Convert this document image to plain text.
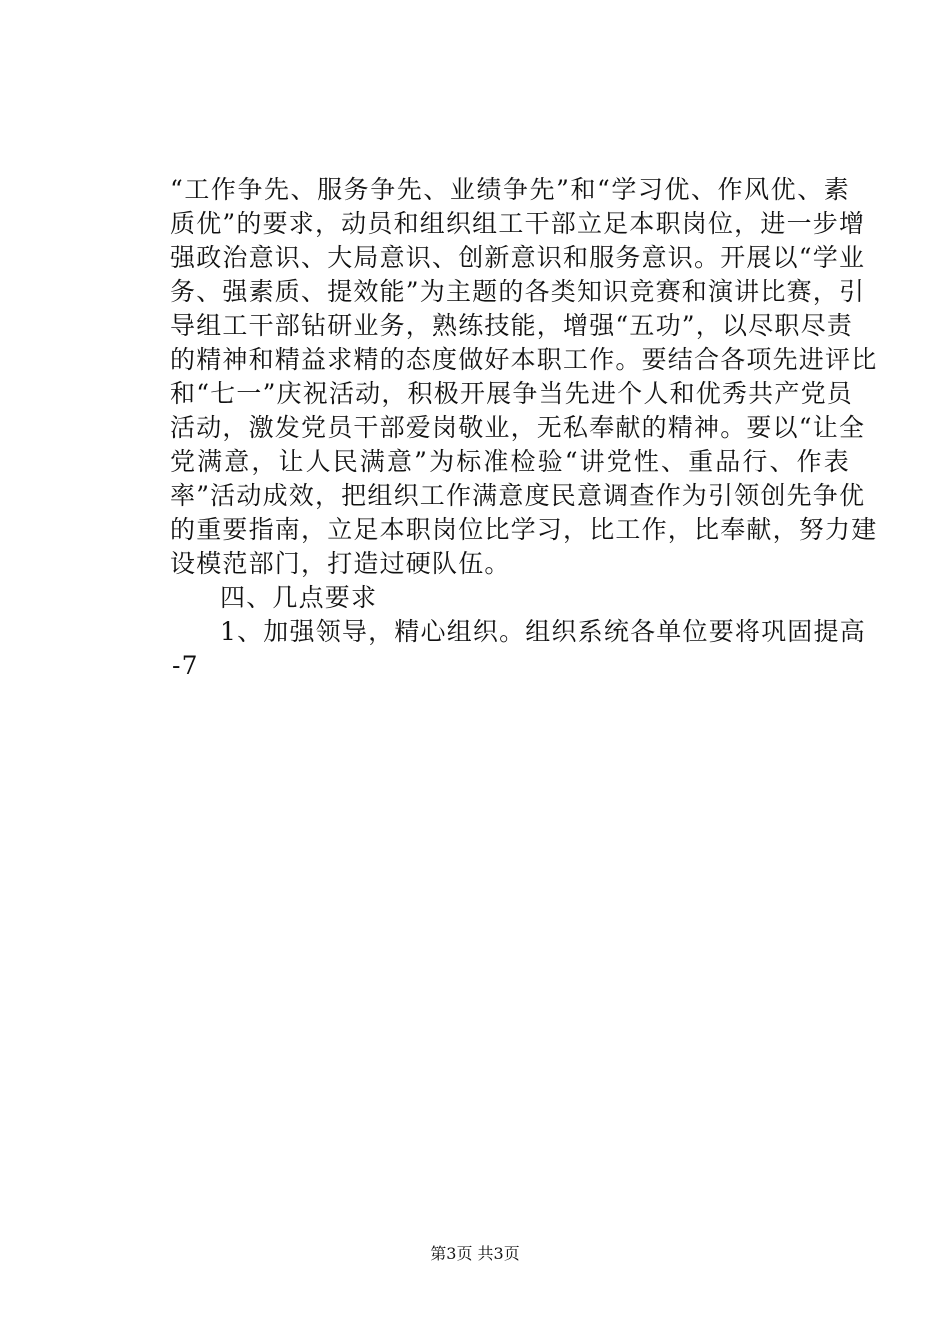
“工作争先、服务争先、业绩争先”和“学习优、作风优、素
质优”的要求，动员和组织组工干部立足本职岗位，进一步增
强政治意识、大局意识、创新意识和服务意识。开展以“学业
务、强素质、提效能”为主题的各类知识竞赛和演讲比赛，引
导组工干部钻研业务，熟练技能，增强“五功”，以尽职尽责
的精神和精益求精的态度做好本职工作。要结合各项先进评比
和“七一”庆祝活动，积极开展争当先进个人和优秀共产党员
活动，激发党员干部爱岗敬业，无私奉献的精神。要以“让全
党满意，让人民满意”为标准检验“讲党性、重品行、作表
率”活动成效，把组织工作满意度民意调查作为引领创先争优
的重要指南，立足本职岗位比学习，比工作，比奉献，努力建
设模范部门，打造过硬队伍。
四、几点要求
1、加强领导，精心组织。组织系统各单位要将巩固提高
-7
第3页 共3页
